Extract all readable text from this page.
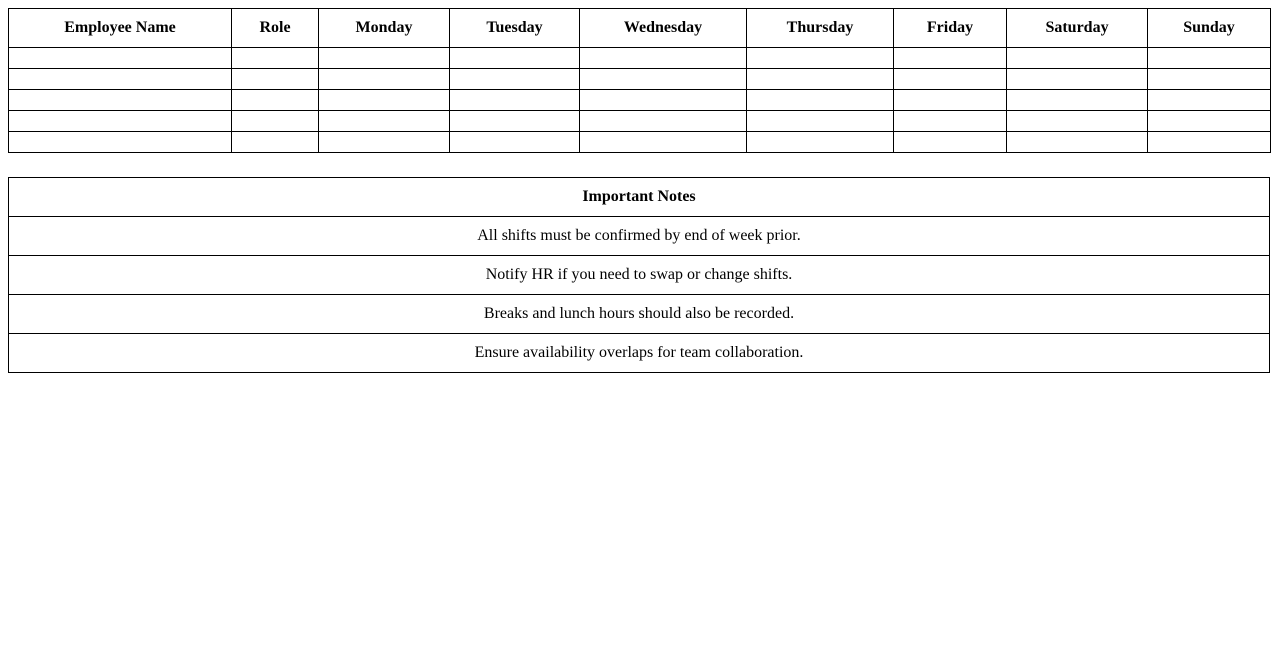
Employee Name	Role	Monday	Tuesday	Wednesday	Thursday	Friday	Saturday	Sunday

Important Notes
All shifts must be confirmed by end of week prior.
Notify HR if you need to swap or change shifts.
Breaks and lunch hours should also be recorded.
Ensure availability overlaps for team collaboration.
